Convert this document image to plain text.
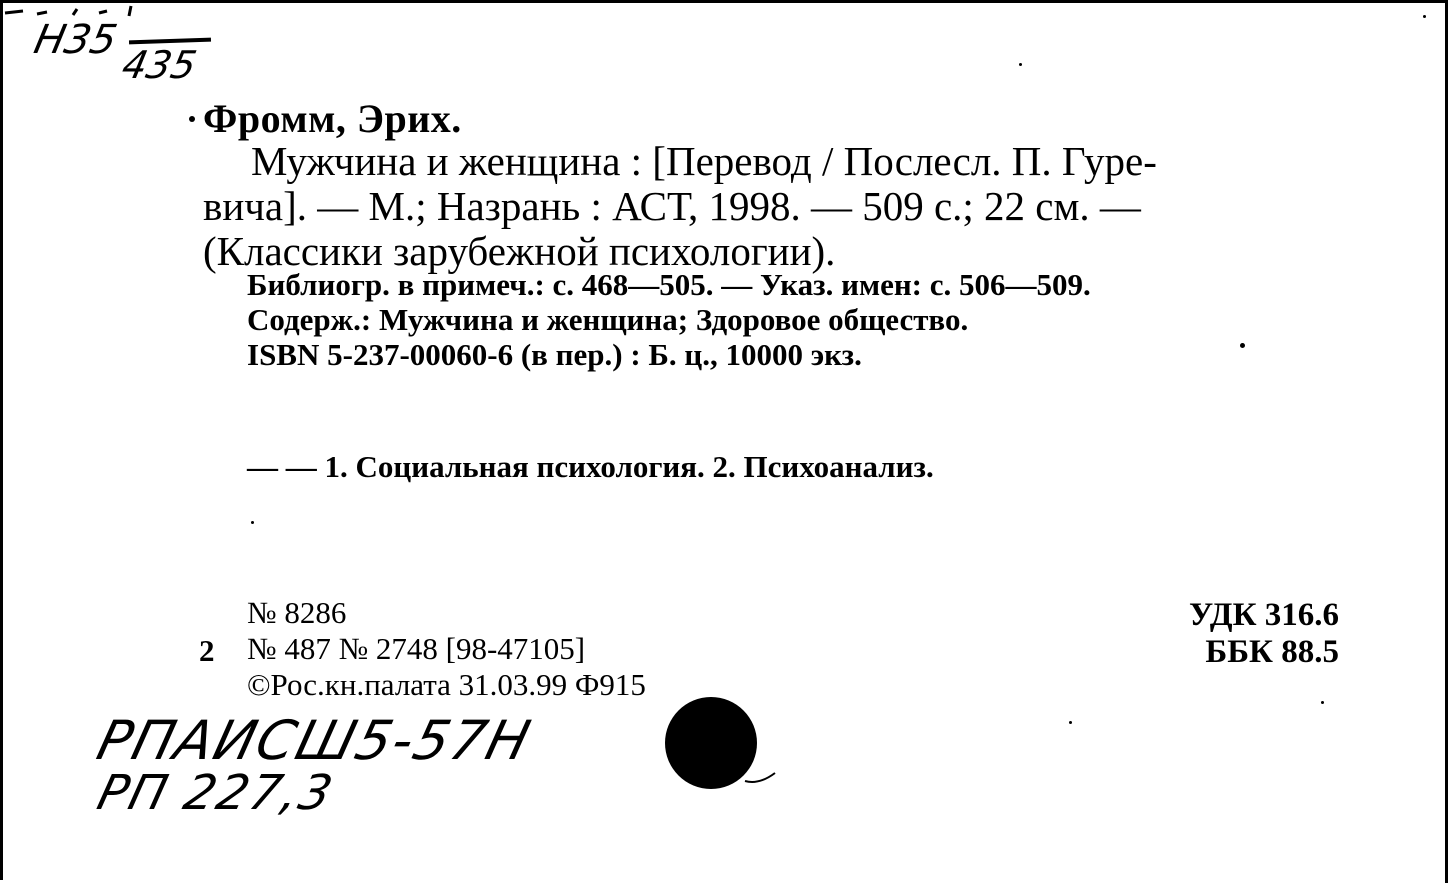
Н35
435
Фромм, Эрих.
Мужчина и женщина : [Перевод / Послесл. П. Гуре-
вича]. — М.; Назрань : АСТ, 1998. — 509 с.; 22 см. —
(Классики зарубежной психологии).
Библиогр. в примеч.: с. 468—505. — Указ. имен: с. 506—509.
Содерж.: Мужчина и женщина; Здоровое общество.
ISBN 5-237-00060-6 (в пер.) : Б. ц., 10000 экз.
— — 1. Социальная психология. 2. Психоанализ.
2
№ 8286
№ 487 № 2748 [98-47105]
©Рос.кн.палата 31.03.99 Ф915
УДК 316.6
ББК 88.5
РПАИСШ5-57Н
РП 227,3
